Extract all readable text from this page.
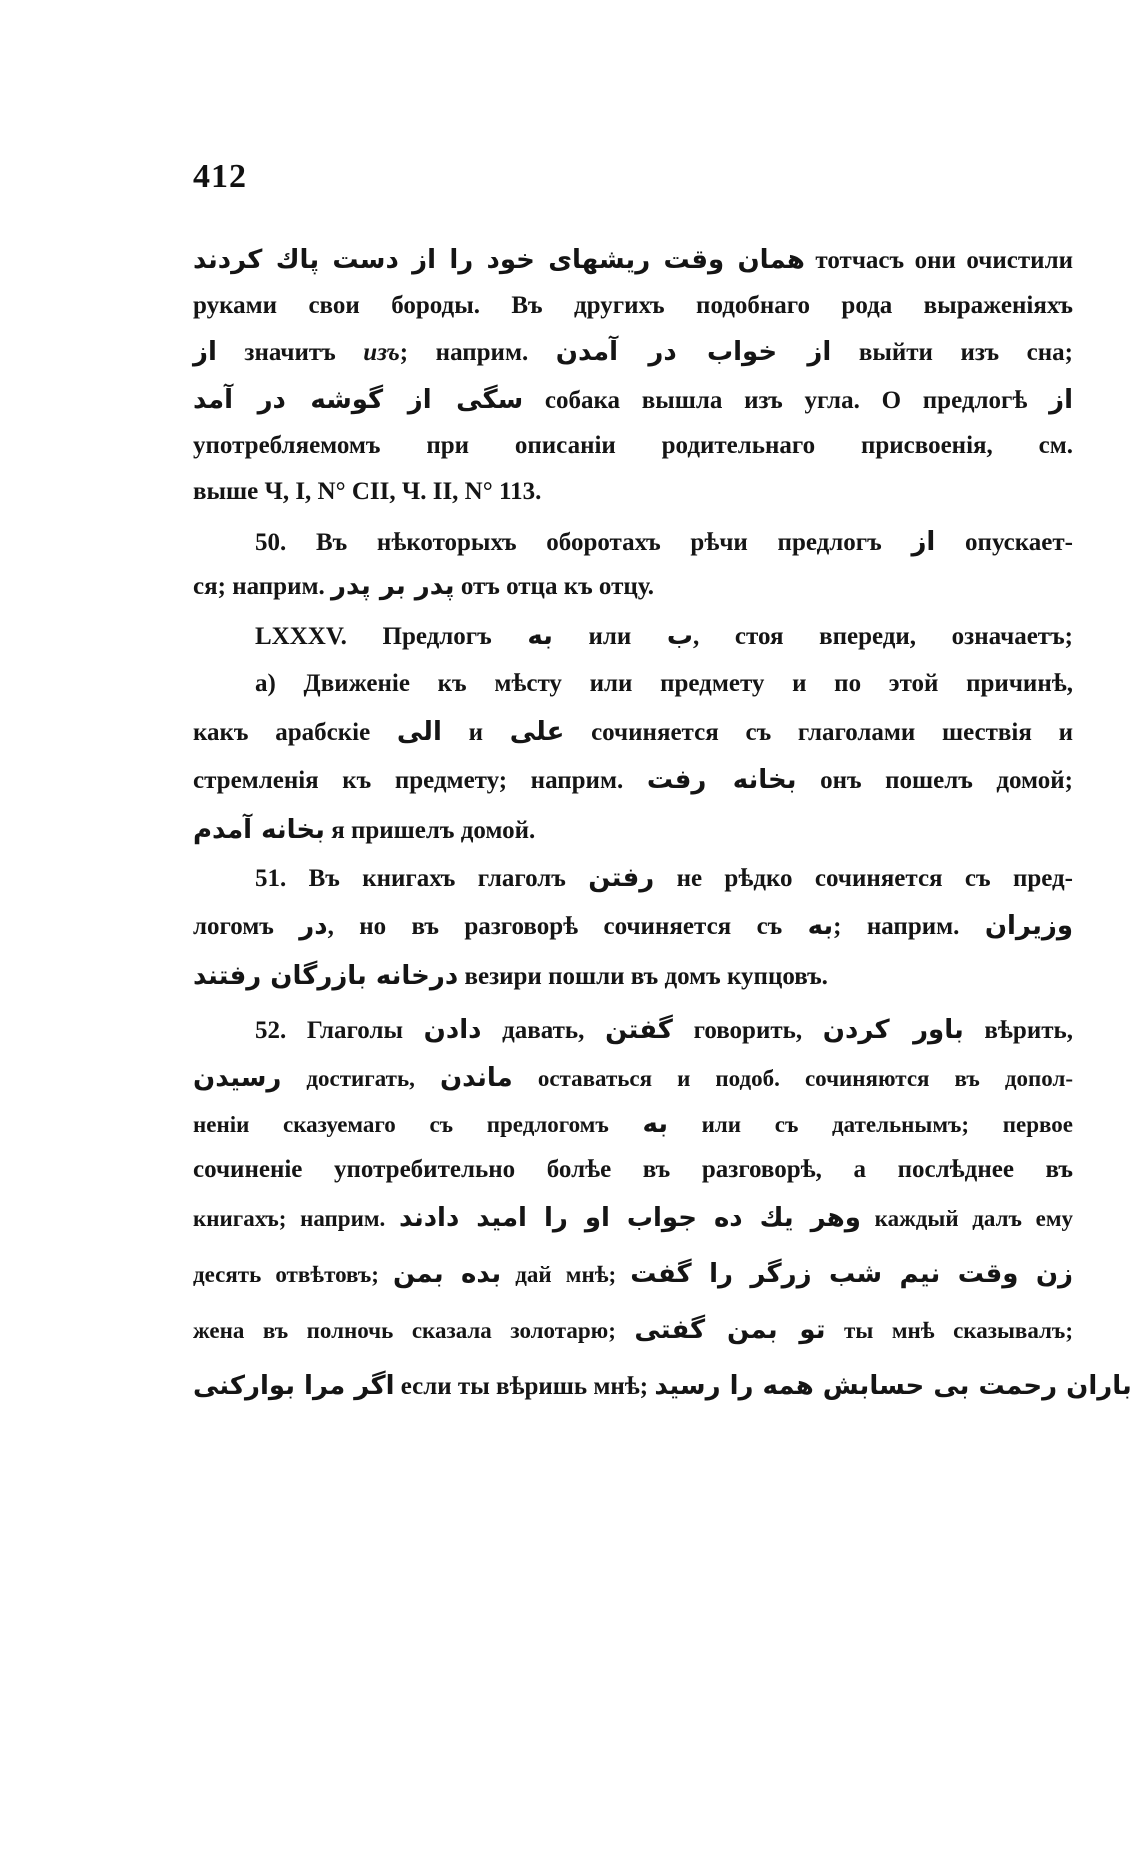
412
همان وقت ریشهای خود را از دست پاك كردند тотчасъ они очистили
руками свои бороды. Въ другихъ подобнаго рода выраженiяхъ
از значитъ изъ; наприм. از خواب در آمدن выйти изъ сна;
سگی از گوشه در آمد собака вышла изъ угла. О предлогѣ از
употребляемомъ при описанiи родительнаго присвоенiя, см.
выше Ч, I, N° CII, Ч. II, N° 113.
50. Въ нѣкоторыхъ оборотахъ рѣчи предлогъ از опускает-
ся; наприм. پدر بر پدر отъ отца къ отцу.
LXXXV. Предлогъ به или ب, стоя впереди, означаетъ;
а) Движенiе къ мѣсту или предмету и по этой причинѣ,
какъ арабскiе الى и على сочиняется съ глаголами шествiя и
стремленiя къ предмету; наприм. بخانه رفت онъ пошелъ домой;
بخانه آمدم я пришелъ домой.
51. Въ книгахъ глаголъ رفتن не рѣдко сочиняется съ пред-
логомъ در, но въ разговорѣ сочиняется съ به; наприм. وزیران
درخانه بازرگان رفتند везири пошли въ домъ купцовъ.
52. Глаголы دادن давать, گفتن говорить, باور كردن вѣрить,
رسیدن достигать, ماندن оставаться и подоб. сочиняются въ допол-
ненiи сказуемаго съ предлогомъ به или съ дательнымъ; первое
сочиненiе употребительно болѣе въ разговорѣ, а послѣднее въ
книгахъ; наприм. وهر یك ده جواب او را امید دادند каждый далъ ему
десять отвѣтовъ; بده بمن дай мнѣ; زن وقت نیم شب زرگر را گفت
жена въ полночь сказала золотарю; تو بمن گفتی ты мнѣ сказывалъ;
اگر مرا بوارکنی если ты вѣришь мнѣ; باران رحمت بی حسابش همه را رسید
